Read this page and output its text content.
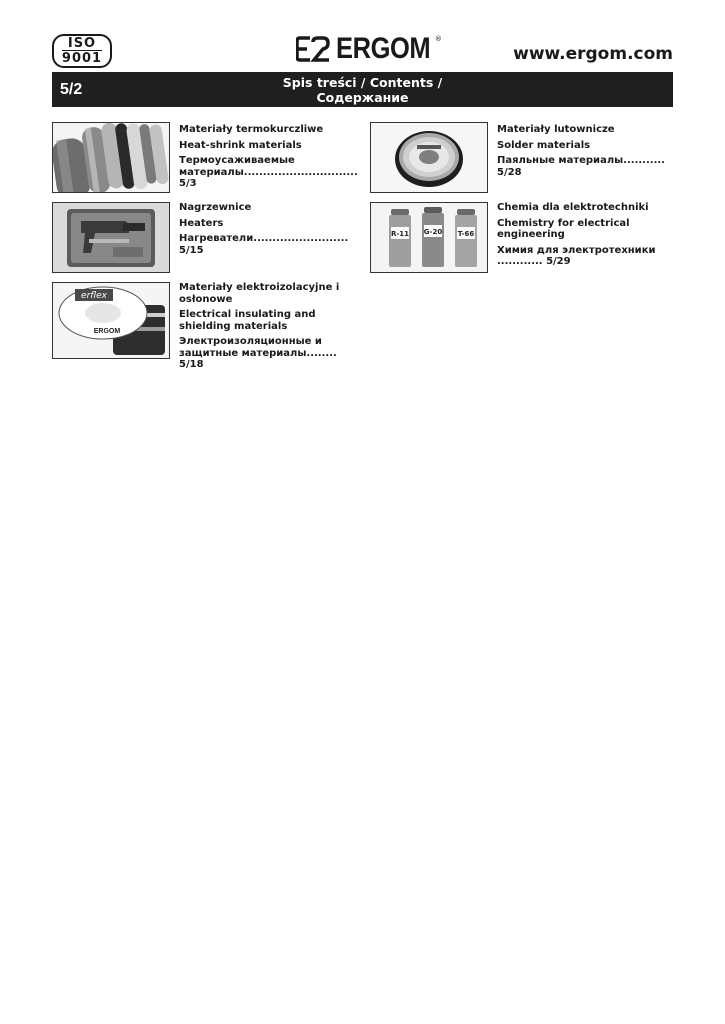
ISO
9001	ERGOM ®
www.ergom.com
5/2	Spis treści / Contents /
Содержание

Materiały termokurczliwe

Heat-shrink materials

Термоусаживаемые материалы.............................. 5/3

Materiały lutownicze

Solder materials

Паяльные материалы........... 5/28

Nagrzewnice

Heaters

Нагреватели......................... 5/15

R-11 G-20 T-66

Chemia dla elektrotechniki

Chemistry for electrical engineering

Химия для электротехники ............ 5/29

erflex
ERGOM

Materiały elektroizolacyjne i osłonowe

Electrical insulating and shielding materials

Электроизоляционные и защитные материалы........ 5/18
